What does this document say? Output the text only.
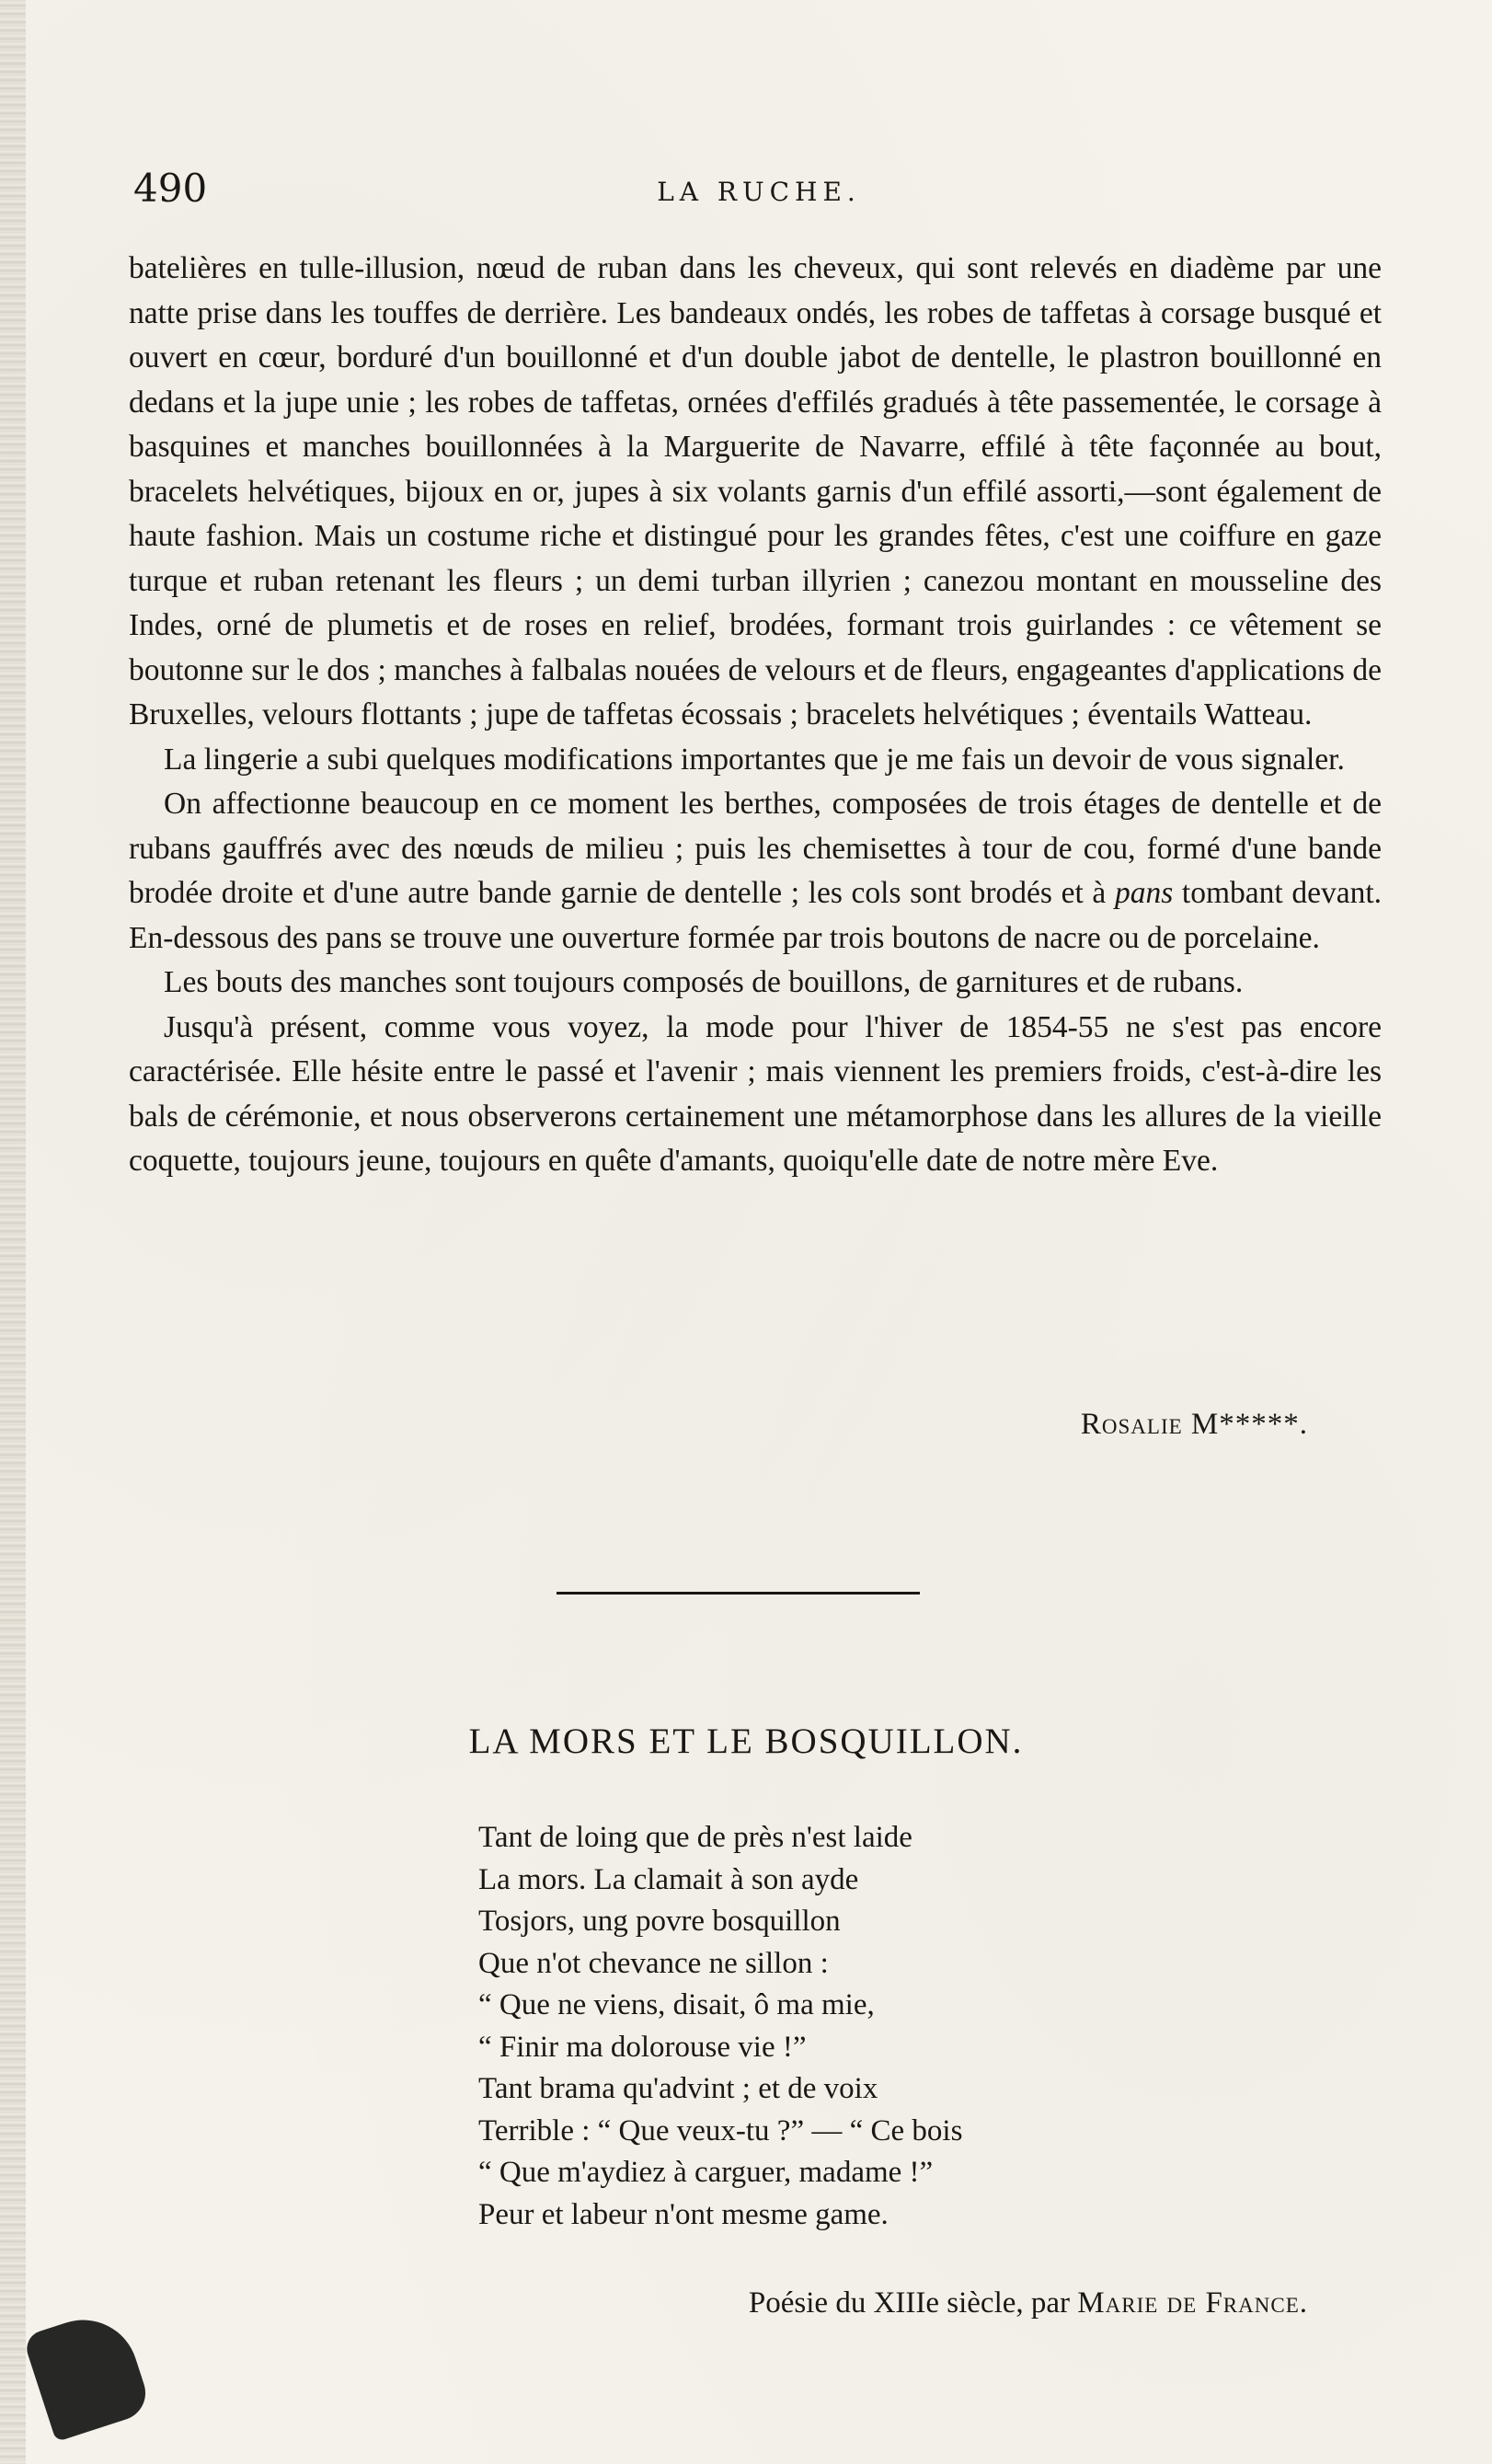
490	LA RUCHE.

batelières en tulle-illusion, nœud de ruban dans les cheveux, qui sont relevés en diadème par une natte prise dans les touffes de derrière. Les bandeaux ondés, les robes de taffetas à corsage busqué et ouvert en cœur, borduré d'un bouillonné et d'un double jabot de dentelle, le plastron bouillonné en dedans et la jupe unie ; les robes de taffetas, ornées d'effilés gradués à tête passementée, le corsage à basquines et manches bouillonnées à la Marguerite de Navarre, effilé à tête façonnée au bout, bracelets helvétiques, bijoux en or, jupes à six volants garnis d'un effilé assorti,—sont également de haute fashion. Mais un costume riche et distingué pour les grandes fêtes, c'est une coiffure en gaze turque et ruban retenant les fleurs ; un demi turban illyrien ; canezou montant en mousseline des Indes, orné de plumetis et de roses en relief, brodées, formant trois guirlandes : ce vêtement se boutonne sur le dos ; manches à falbalas nouées de velours et de fleurs, engageantes d'applications de Bruxelles, velours flottants ; jupe de taffetas écossais ; bracelets helvétiques ; éventails Watteau.

La lingerie a subi quelques modifications importantes que je me fais un devoir de vous signaler.

On affectionne beaucoup en ce moment les berthes, composées de trois étages de dentelle et de rubans gauffrés avec des nœuds de milieu ; puis les chemisettes à tour de cou, formé d'une bande brodée droite et d'une autre bande garnie de dentelle ; les cols sont brodés et à pans tombant devant. En-dessous des pans se trouve une ouverture formée par trois boutons de nacre ou de porcelaine.

Les bouts des manches sont toujours composés de bouillons, de garnitures et de rubans.

Jusqu'à présent, comme vous voyez, la mode pour l'hiver de 1854-55 ne s'est pas encore caractérisée. Elle hésite entre le passé et l'avenir ; mais viennent les premiers froids, c'est-à-dire les bals de cérémonie, et nous observerons certainement une métamorphose dans les allures de la vieille coquette, toujours jeune, toujours en quête d'amants, quoiqu'elle date de notre mère Eve.

Rosalie M*****.
LA MORS ET LE BOSQUILLON.
Tant de loing que de près n'est laide
La mors. La clamait à son ayde
Tosjors, ung povre bosquillon
Que n'ot chevance ne sillon :
“ Que ne viens, disait, ô ma mie,
“ Finir ma dolorouse vie !”
Tant brama qu'advint ; et de voix
Terrible : “ Que veux-tu ?” — “ Ce bois
“ Que m'aydiez à carguer, madame !”
Peur et labeur n'ont mesme game.
Poésie du XIIIe siècle, par Marie de France.
